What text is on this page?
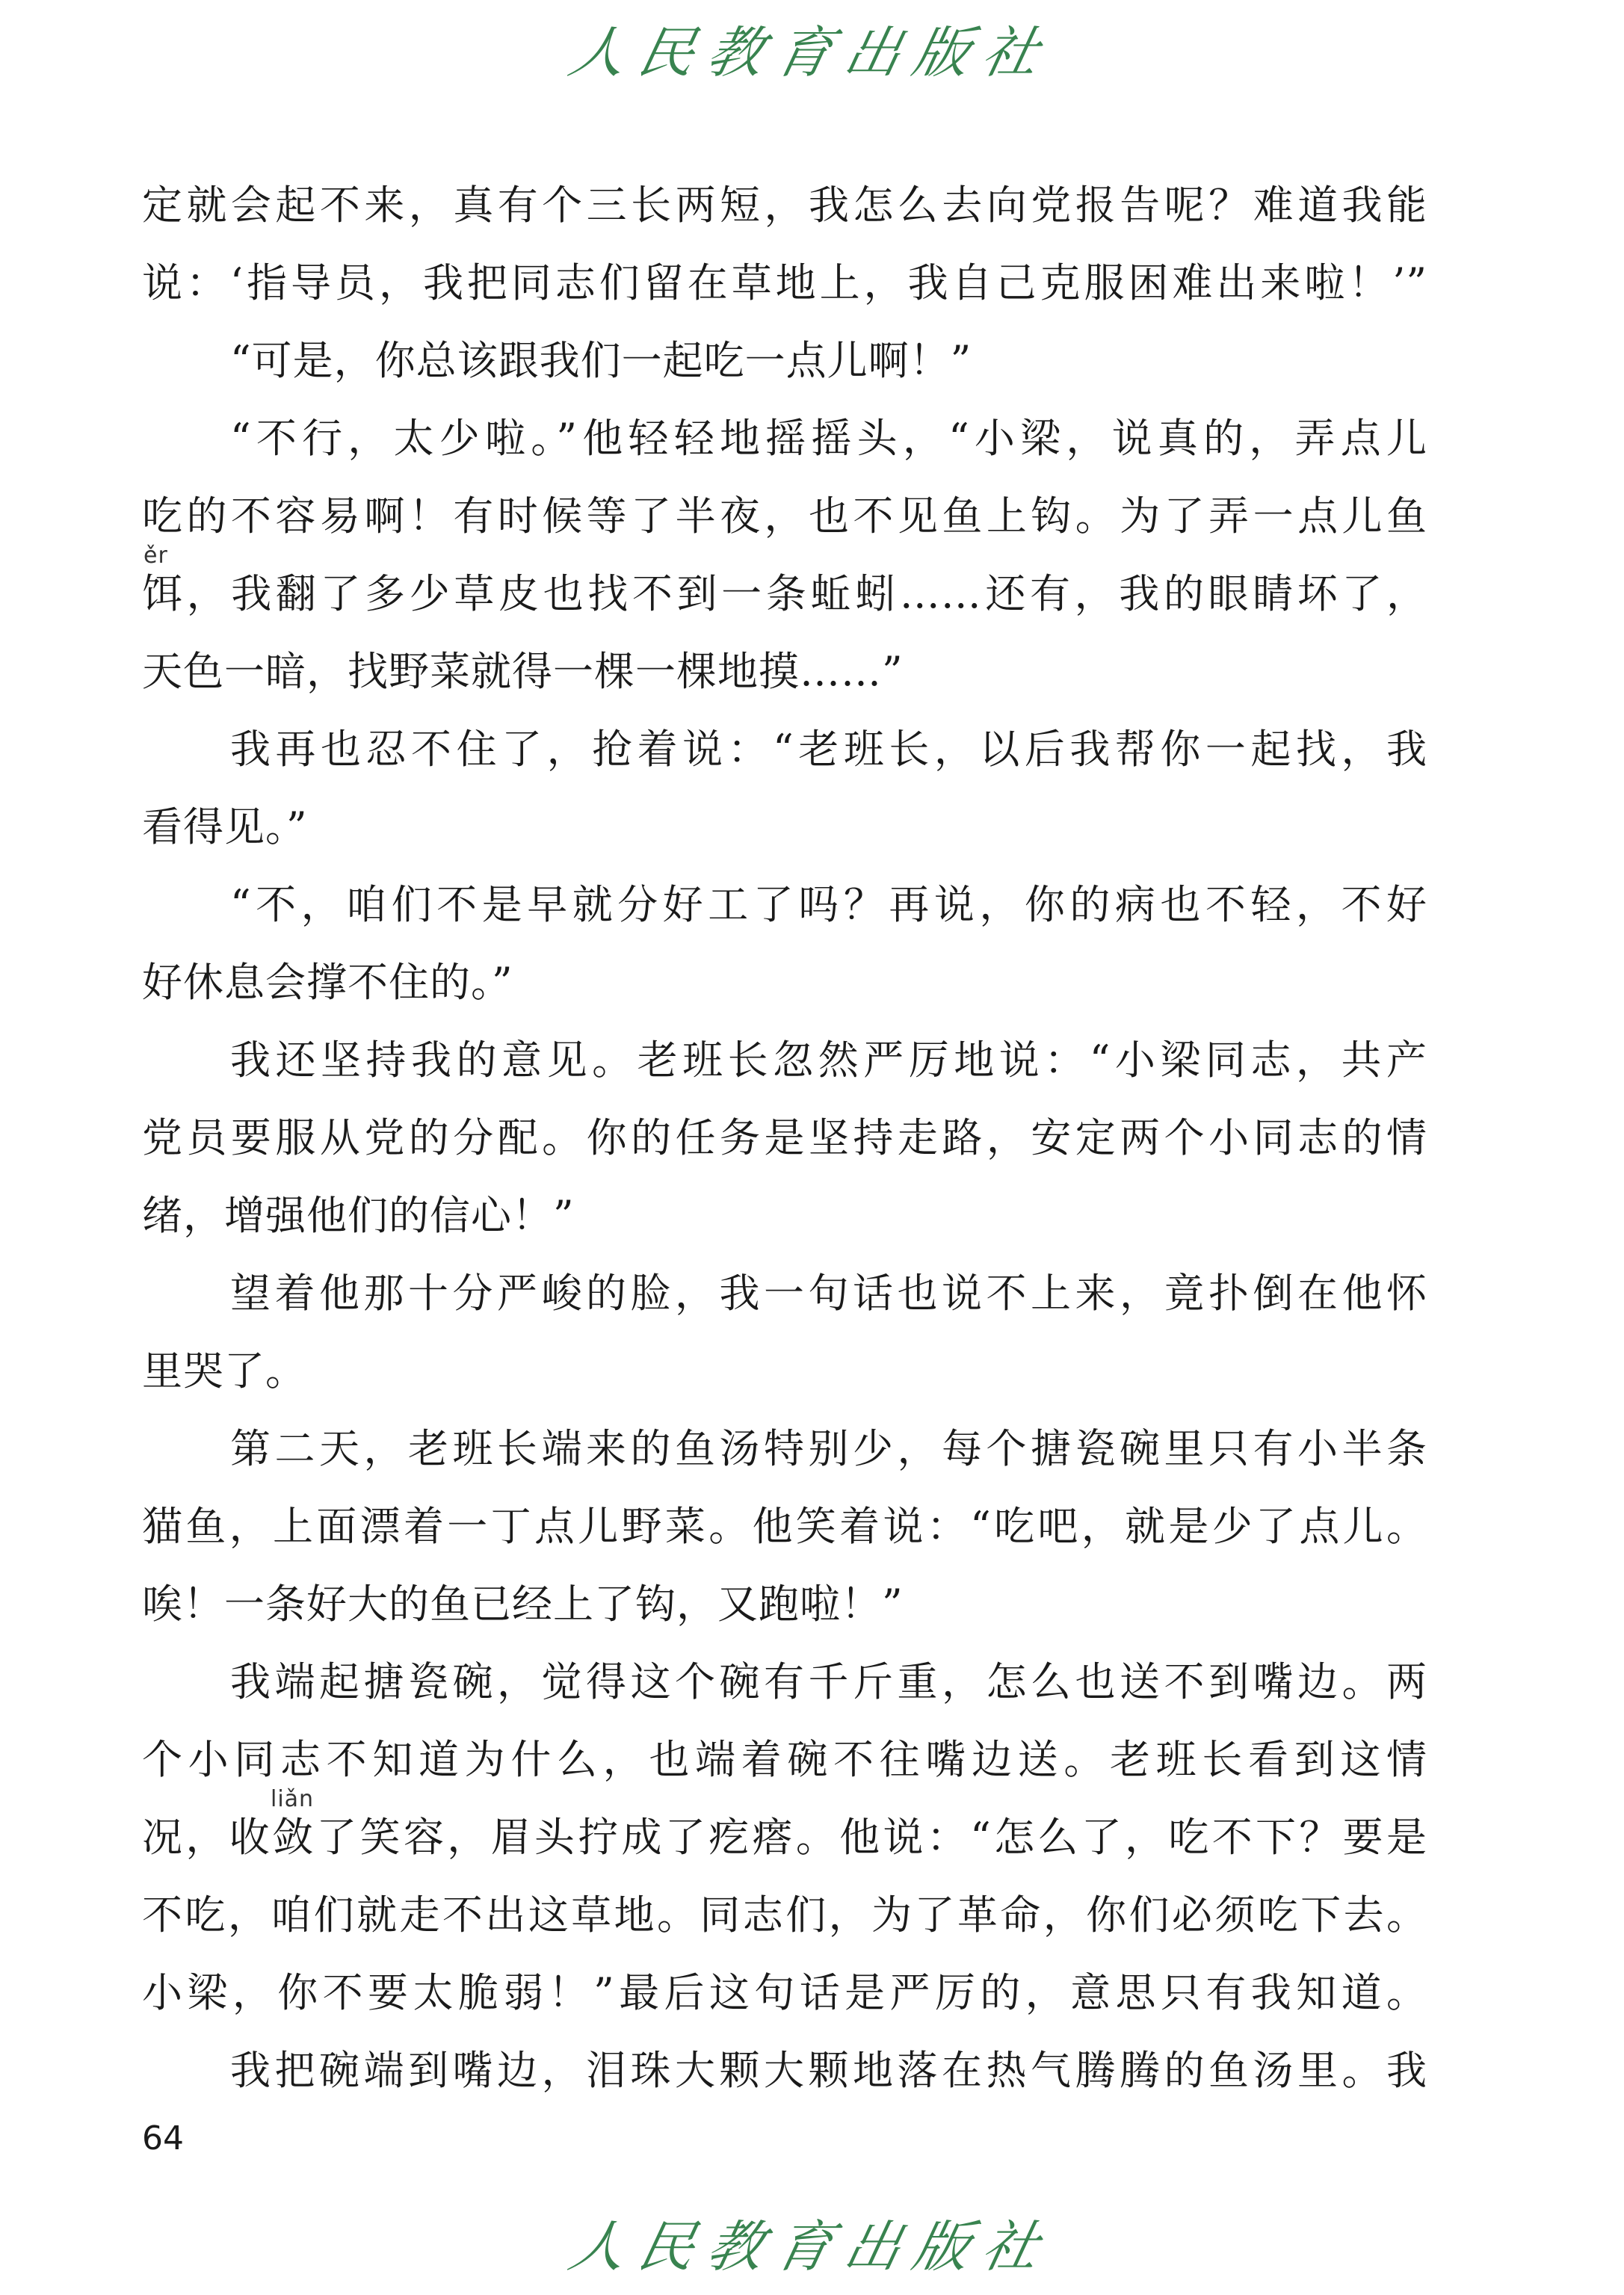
人民教育出版社
定就会起不来，真有个三长两短，我怎么去向党报告呢？难道我能
说：‘指导员，我把同志们留在草地上，我自己克服困难出来啦！’”
“可是，你总该跟我们一起吃一点儿啊！”
“不行，太少啦。”他轻轻地摇摇头，“小梁，说真的，弄点儿
吃的不容易啊！有时候等了半夜，也不见鱼上钩。为了弄一点儿鱼
ěr
饵，我翻了多少草皮也找不到一条蚯蚓……还有，我的眼睛坏了，
天色一暗，找野菜就得一棵一棵地摸……”
我再也忍不住了，抢着说：“老班长，以后我帮你一起找，我
看得见。”
“不，咱们不是早就分好工了吗？再说，你的病也不轻，不好
好休息会撑不住的。”
我还坚持我的意见。老班长忽然严厉地说：“小梁同志，共产
党员要服从党的分配。你的任务是坚持走路，安定两个小同志的情
绪，增强他们的信心！”
望着他那十分严峻的脸，我一句话也说不上来，竟扑倒在他怀
里哭了。
第二天，老班长端来的鱼汤特别少，每个搪瓷碗里只有小半条
猫鱼，上面漂着一丁点儿野菜。他笑着说：“吃吧，就是少了点儿。
唉！一条好大的鱼已经上了钩，又跑啦！”
我端起搪瓷碗，觉得这个碗有千斤重，怎么也送不到嘴边。两
个小同志不知道为什么，也端着碗不往嘴边送。老班长看到这情
liǎn
况，收敛了笑容，眉头拧成了疙瘩。他说：“怎么了，吃不下？要是
不吃，咱们就走不出这草地。同志们，为了革命，你们必须吃下去。
小梁，你不要太脆弱！”最后这句话是严厉的，意思只有我知道。
我把碗端到嘴边，泪珠大颗大颗地落在热气腾腾的鱼汤里。我
64
人民教育出版社
